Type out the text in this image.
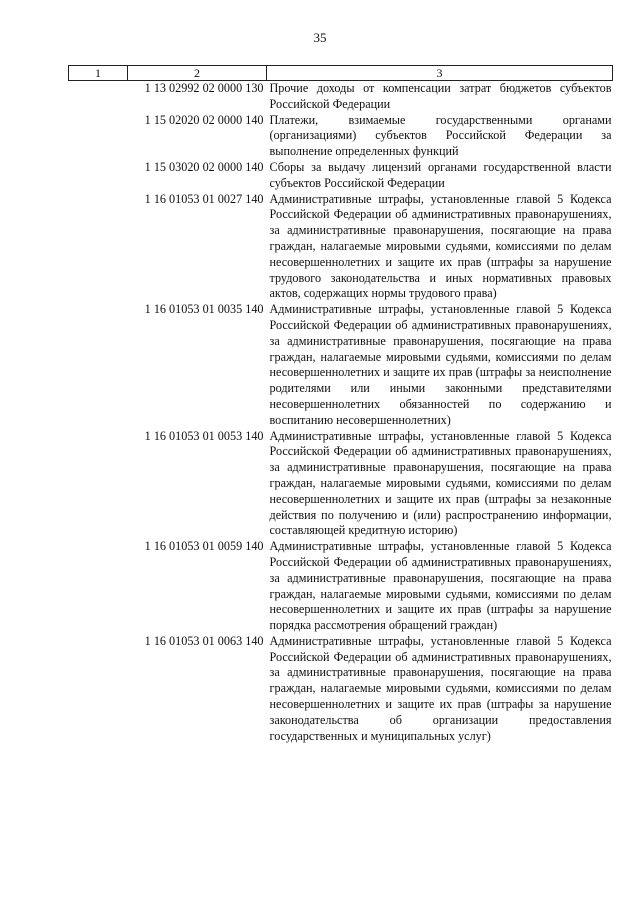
35
1	2	3
	1 13 02992 02 0000 130	Прочие доходы от компенсации затрат бюджетов субъектов Российской Федерации
	1 15 02020 02 0000 140	Платежи, взимаемые государственными органами (организациями) субъектов Российской Федерации за выполнение определенных функций
	1 15 03020 02 0000 140	Сборы за выдачу лицензий органами государственной власти субъектов Российской Федерации
	1 16 01053 01 0027 140	Административные штрафы, установленные главой 5 Кодекса Российской Федерации об административных правонарушениях, за административные правонарушения, посягающие на права граждан, налагаемые мировыми судьями, комиссиями по делам несовершеннолетних и защите их прав (штрафы за нарушение трудового законодательства и иных нормативных правовых актов, содержащих нормы трудового права)
	1 16 01053 01 0035 140	Административные штрафы, установленные главой 5 Кодекса Российской Федерации об административных правонарушениях, за административные правонарушения, посягающие на права граждан, налагаемые мировыми судьями, комиссиями по делам несовершеннолетних и защите их прав (штрафы за неисполнение родителями или иными законными представителями несовершеннолетних обязанностей по содержанию и воспитанию несовершеннолетних)
	1 16 01053 01 0053 140	Административные штрафы, установленные главой 5 Кодекса Российской Федерации об административных правонарушениях, за административные правонарушения, посягающие на права граждан, налагаемые мировыми судьями, комиссиями по делам несовершеннолетних и защите их прав (штрафы за незаконные действия по получению и (или) распространению информации, составляющей кредитную историю)
	1 16 01053 01 0059 140	Административные штрафы, установленные главой 5 Кодекса Российской Федерации об административных правонарушениях, за административные правонарушения, посягающие на права граждан, налагаемые мировыми судьями, комиссиями по делам несовершеннолетних и защите их прав (штрафы за нарушение порядка рассмотрения обращений граждан)
	1 16 01053 01 0063 140	Административные штрафы, установленные главой 5 Кодекса Российской Федерации об административных правонарушениях, за административные правонарушения, посягающие на права граждан, налагаемые мировыми судьями, комиссиями по делам несовершеннолетних и защите их прав (штрафы за нарушение законодательства об организации предоставления государственных и муниципальных услуг)
